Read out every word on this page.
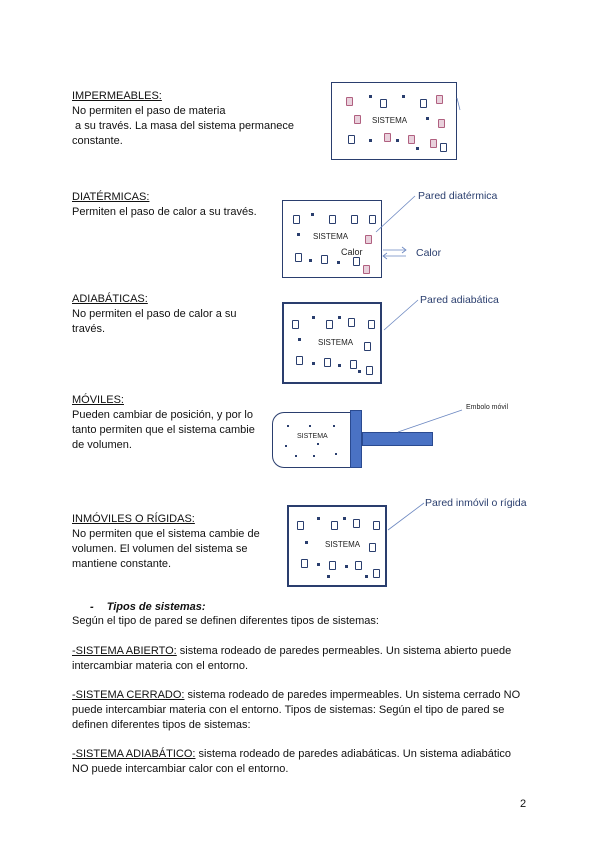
IMPERMEABLES:
No permiten el paso de materia
a su través. La masa del sistema permanece
constante.
SISTEMA
DIATÉRMICAS:
Permiten el paso de calor a su través.
SISTEMA
Calor
Pared diatérmica
Calor
ADIABÁTICAS:
No permiten el paso de calor a su
través.
SISTEMA
Pared adiabática
MÓVILES:
Pueden cambiar de posición, y por lo
tanto permiten que el sistema cambie
de volumen.
SISTEMA
Embolo móvil
INMÓVILES O RÍGIDAS:
No permiten que el sistema cambie de
volumen. El volumen del sistema se
mantiene constante.
SISTEMA
Pared inmóvil o rígida
- Tipos de sistemas:
Según el tipo de pared se definen diferentes tipos de sistemas:
-SISTEMA ABIERTO: sistema rodeado de paredes permeables. Un sistema abierto puede
intercambiar materia con el entorno.
-SISTEMA CERRADO: sistema rodeado de paredes impermeables. Un sistema cerrado NO
puede intercambiar materia con el entorno. Tipos de sistemas: Según el tipo de pared se
definen diferentes tipos de sistemas:
-SISTEMA ADIABÁTICO: sistema rodeado de paredes adiabáticas. Un sistema adiabático
NO puede intercambiar calor con el entorno.
2
